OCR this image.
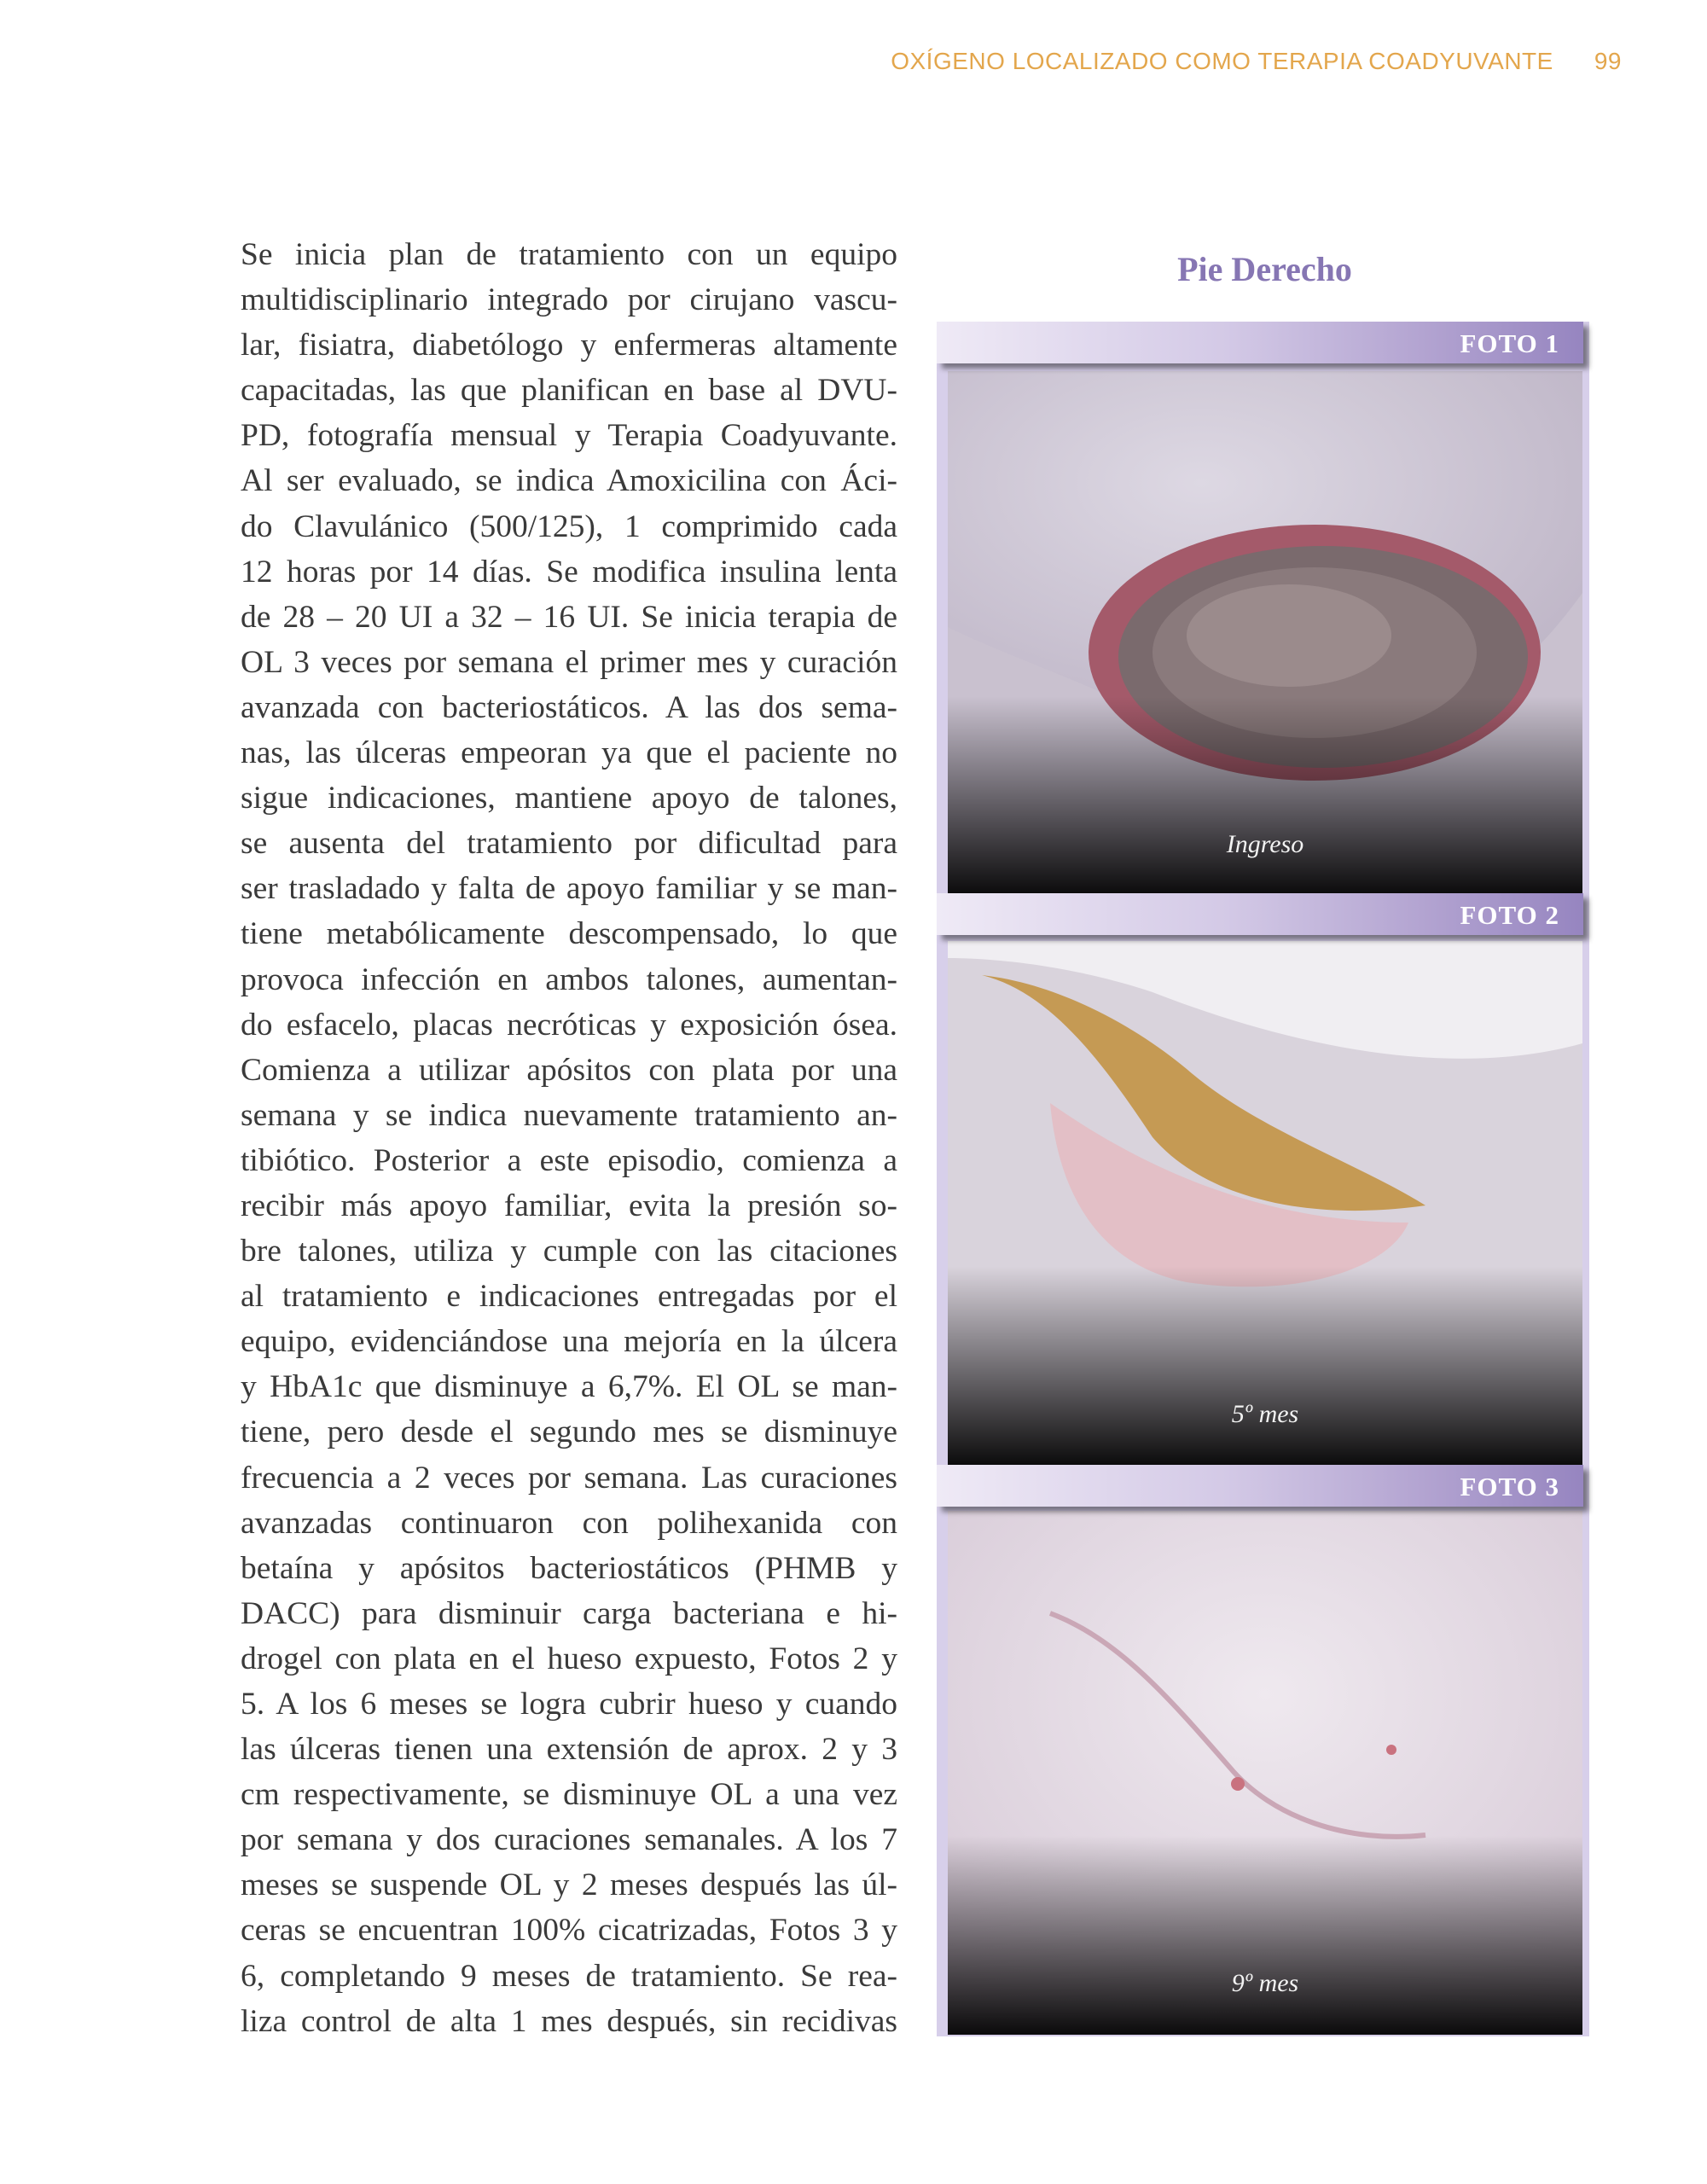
OXÍGENO LOCALIZADO COMO TERAPIA COADYUVANTE 99
Se inicia plan de tratamiento con un equipo
multidisciplinario integrado por cirujano vascu-
lar, fisiatra, diabetólogo y enfermeras altamente
capacitadas, las que planifican en base al DVU-
PD, fotografía mensual y Terapia Coadyuvante.
Al ser evaluado, se indica Amoxicilina con Áci-
do Clavulánico (500/125), 1 comprimido cada
12 horas por 14 días. Se modifica insulina lenta
de 28 – 20 UI a 32 – 16 UI. Se inicia terapia de
OL 3 veces por semana el primer mes y curación
avanzada con bacteriostáticos. A las dos sema-
nas, las úlceras empeoran ya que el paciente no
sigue indicaciones, mantiene apoyo de talones,
se ausenta del tratamiento por dificultad para
ser trasladado y falta de apoyo familiar y se man-
tiene metabólicamente descompensado, lo que
provoca infección en ambos talones, aumentan-
do esfacelo, placas necróticas y exposición ósea.
Comienza a utilizar apósitos con plata por una
semana y se indica nuevamente tratamiento an-
tibiótico. Posterior a este episodio, comienza a
recibir más apoyo familiar, evita la presión so-
bre talones, utiliza y cumple con las citaciones
al tratamiento e indicaciones entregadas por el
equipo, evidenciándose una mejoría en la úlcera
y HbA1c que disminuye a 6,7%. El OL se man-
tiene, pero desde el segundo mes se disminuye
frecuencia a 2 veces por semana. Las curaciones
avanzadas continuaron con polihexanida con
betaína y apósitos bacteriostáticos (PHMB y
DACC) para disminuir carga bacteriana e hi-
drogel con plata en el hueso expuesto, Fotos 2 y
5. A los 6 meses se logra cubrir hueso y cuando
las úlceras tienen una extensión de aprox. 2 y 3
cm respectivamente, se disminuye OL a una vez
por semana y dos curaciones semanales. A los 7
meses se suspende OL y 2 meses después las úl-
ceras se encuentran 100% cicatrizadas, Fotos 3 y
6, completando 9 meses de tratamiento. Se rea-
liza control de alta 1 mes después, sin recidivas
Pie Derecho
Ingreso
5º mes
9º mes
FOTO 1
FOTO 2
FOTO 3
